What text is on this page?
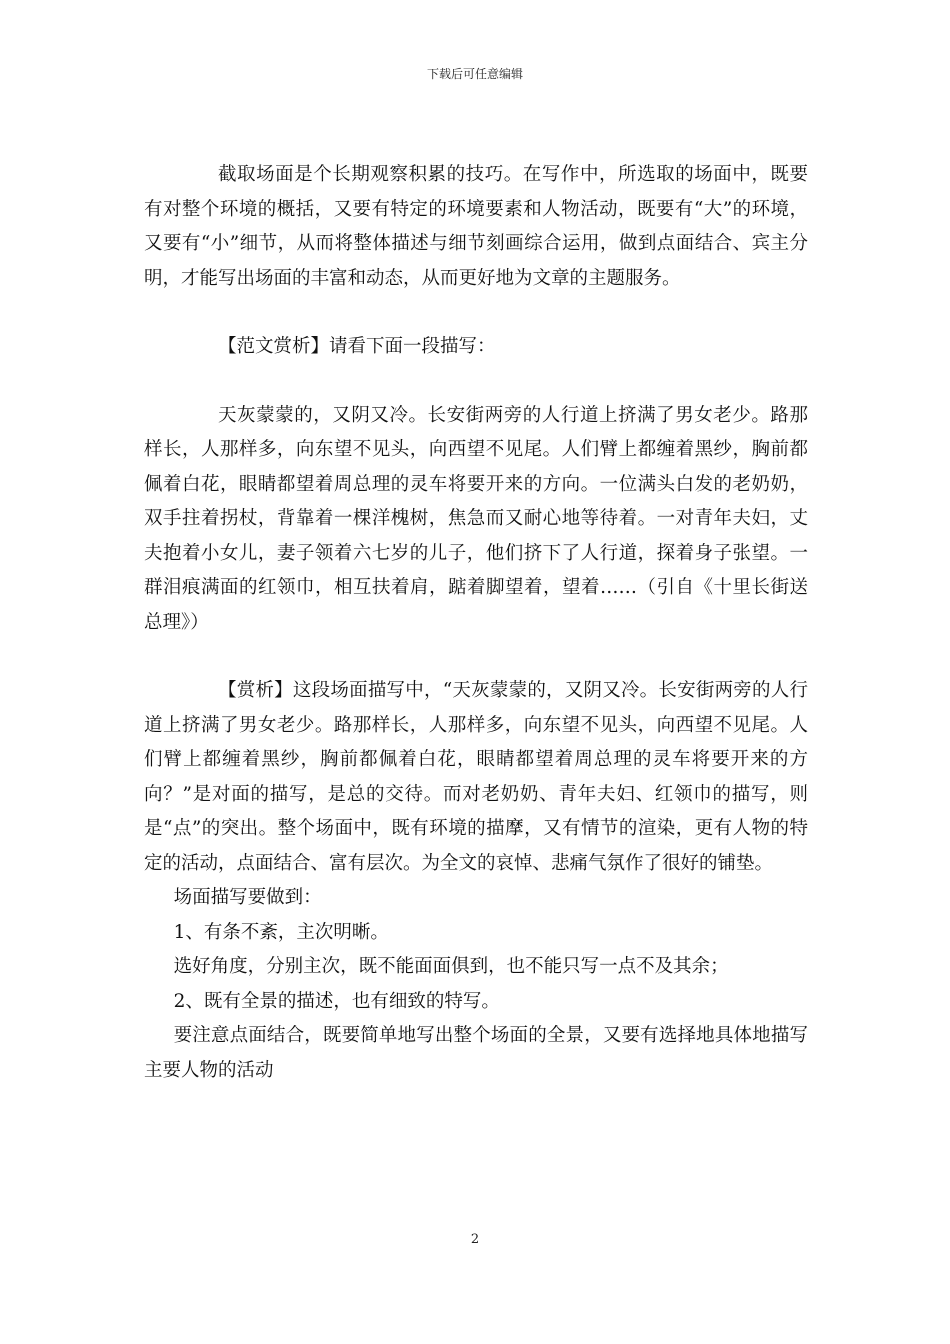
下载后可任意编辑

截取场面是个长期观察积累的技巧。在写作中，所选取的场面中，既要有对整个环境的概括，又要有特定的环境要素和人物活动，既要有“大”的环境，又要有“小”细节，从而将整体描述与细节刻画综合运用，做到点面结合、宾主分明，才能写出场面的丰富和动态，从而更好地为文章的主题服务。

【范文赏析】请看下面一段描写：

天灰蒙蒙的，又阴又冷。长安街两旁的人行道上挤满了男女老少。路那样长，人那样多，向东望不见头，向西望不见尾。人们臂上都缠着黑纱，胸前都佩着白花，眼睛都望着周总理的灵车将要开来的方向。一位满头白发的老奶奶，双手拄着拐杖，背靠着一棵洋槐树，焦急而又耐心地等待着。一对青年夫妇，丈夫抱着小女儿，妻子领着六七岁的儿子，他们挤下了人行道，探着身子张望。一群泪痕满面的红领巾，相互扶着肩，踮着脚望着，望着……（引自《十里长街送总理》）

【赏析】这段场面描写中，“天灰蒙蒙的，又阴又冷。长安街两旁的人行道上挤满了男女老少。路那样长，人那样多，向东望不见头，向西望不见尾。人们臂上都缠着黑纱，胸前都佩着白花，眼睛都望着周总理的灵车将要开来的方向？”是对面的描写，是总的交待。而对老奶奶、青年夫妇、红领巾的描写，则是“点”的突出。整个场面中，既有环境的描摩，又有情节的渲染，更有人物的特定的活动，点面结合、富有层次。为全文的哀悼、悲痛气氛作了很好的铺垫。

场面描写要做到：

1、有条不紊，主次明晰。

选好角度，分别主次，既不能面面俱到，也不能只写一点不及其余；

2、既有全景的描述，也有细致的特写。

要注意点面结合，既要简单地写出整个场面的全景，又要有选择地具体地描写主要人物的活动

2
